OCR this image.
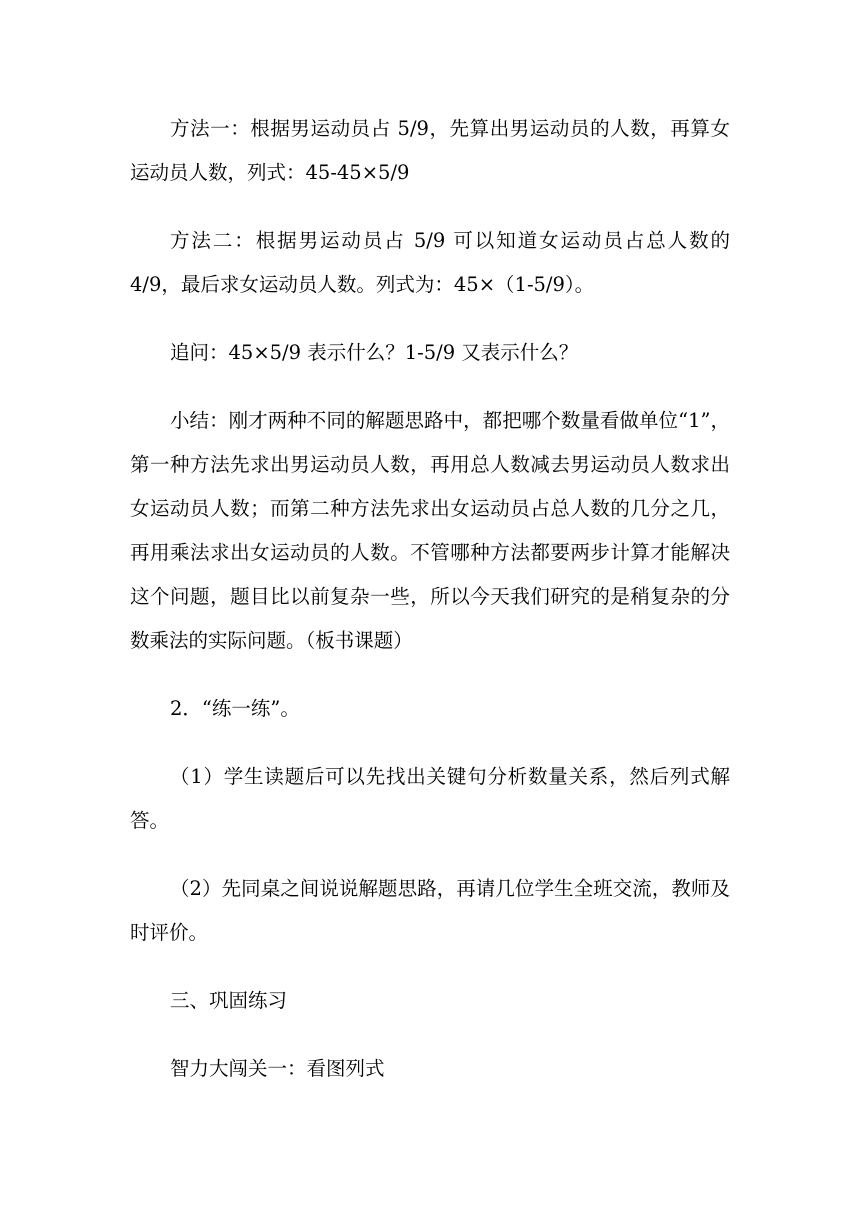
方法一：根据男运动员占 5/9，先算出男运动员的人数，再算女运动员人数，列式：45-45×5/9

方法二：根据男运动员占 5/9 可以知道女运动员占总人数的 4/9，最后求女运动员人数。列式为：45×（1-5/9）。

追问：45×5/9 表示什么？1-5/9 又表示什么？

小结：刚才两种不同的解题思路中，都把哪个数量看做单位“1”，第一种方法先求出男运动员人数，再用总人数减去男运动员人数求出女运动员人数；而第二种方法先求出女运动员占总人数的几分之几，再用乘法求出女运动员的人数。不管哪种方法都要两步计算才能解决这个问题，题目比以前复杂一些，所以今天我们研究的是稍复杂的分数乘法的实际问题。（板书课题）

2．“练一练”。

（1）学生读题后可以先找出关键句分析数量关系，然后列式解答。

（2）先同桌之间说说解题思路，再请几位学生全班交流，教师及时评价。

三、巩固练习

智力大闯关一：看图列式
